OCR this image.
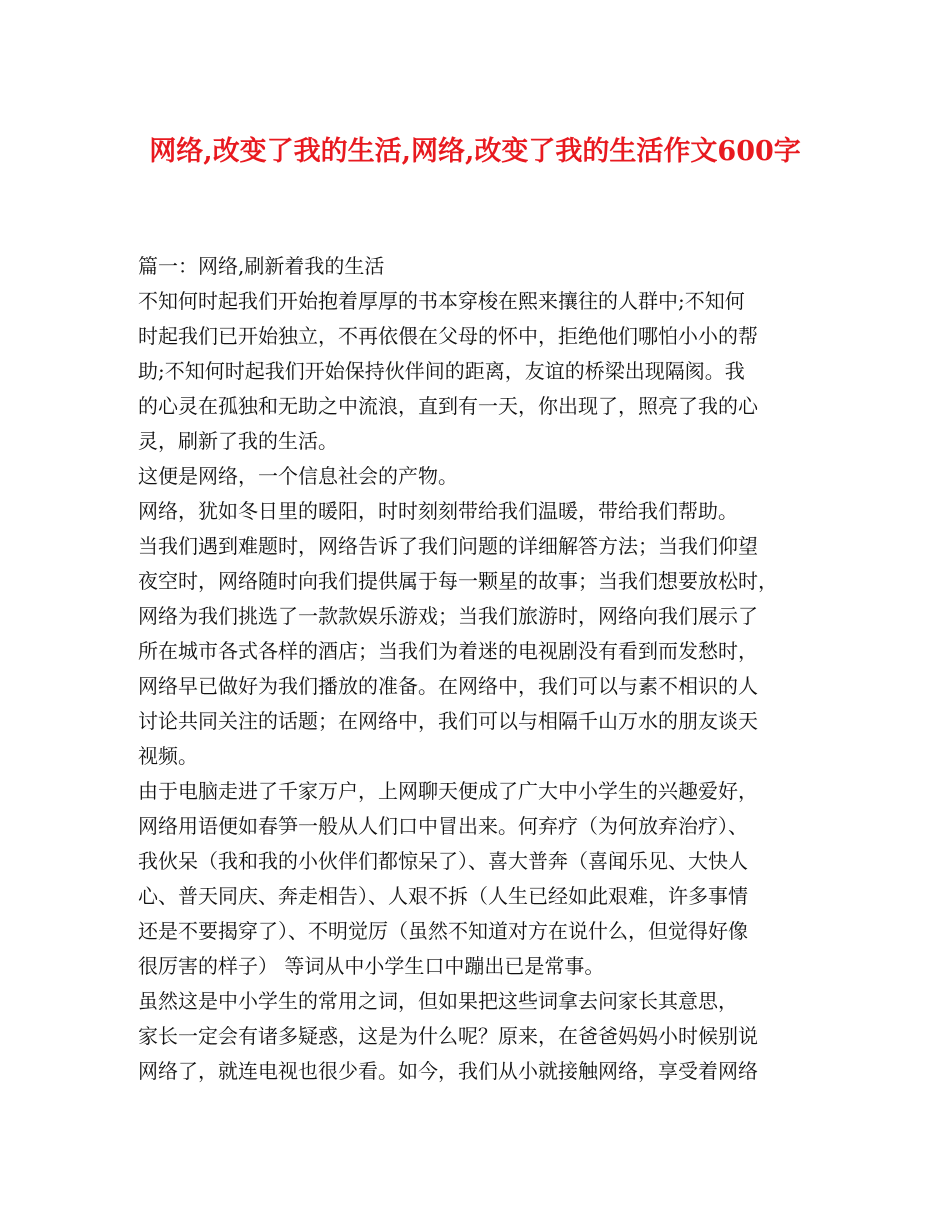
网络,改变了我的生活,网络,改变了我的生活作文600字
篇一：网络,刷新着我的生活
不知何时起我们开始抱着厚厚的书本穿梭在熙来攘往的人群中;不知何
时起我们已开始独立，不再依偎在父母的怀中，拒绝他们哪怕小小的帮
助;不知何时起我们开始保持伙伴间的距离，友谊的桥梁出现隔阂。我
的心灵在孤独和无助之中流浪，直到有一天，你出现了，照亮了我的心
灵，刷新了我的生活。
这便是网络，一个信息社会的产物。
网络，犹如冬日里的暖阳，时时刻刻带给我们温暖，带给我们帮助。
当我们遇到难题时，网络告诉了我们问题的详细解答方法；当我们仰望
夜空时，网络随时向我们提供属于每一颗星的故事；当我们想要放松时，
网络为我们挑选了一款款娱乐游戏；当我们旅游时，网络向我们展示了
所在城市各式各样的酒店；当我们为着迷的电视剧没有看到而发愁时，
网络早已做好为我们播放的准备。在网络中，我们可以与素不相识的人
讨论共同关注的话题；在网络中，我们可以与相隔千山万水的朋友谈天
视频。
由于电脑走进了千家万户，上网聊天便成了广大中小学生的兴趣爱好，
网络用语便如春笋一般从人们口中冒出来。何弃疗（为何放弃治疗）、
我伙呆（我和我的小伙伴们都惊呆了）、喜大普奔（喜闻乐见、大快人
心、普天同庆、奔走相告）、人艰不拆（人生已经如此艰难，许多事情
还是不要揭穿了）、不明觉厉（虽然不知道对方在说什么，但觉得好像
很厉害的样子） 等词从中小学生口中蹦出已是常事。
虽然这是中小学生的常用之词，但如果把这些词拿去问家长其意思，
家长一定会有诸多疑惑，这是为什么呢？原来，在爸爸妈妈小时候别说
网络了，就连电视也很少看。如今，我们从小就接触网络，享受着网络
